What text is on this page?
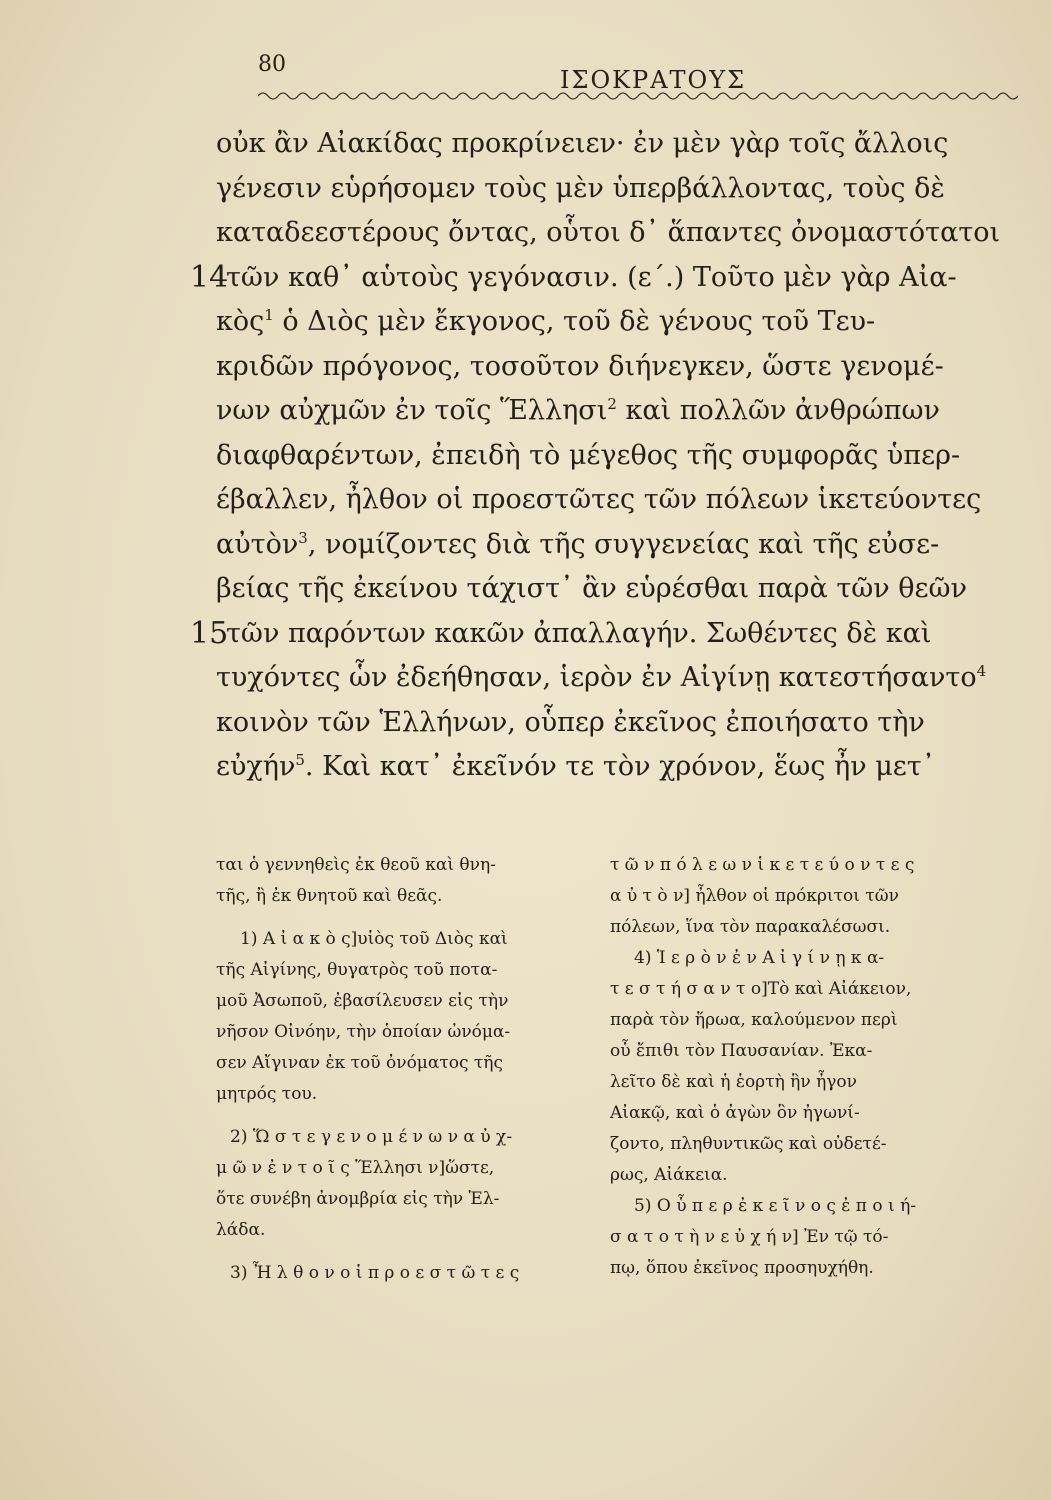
80
ΙΣΟΚΡΑΤΟΥΣ
οὐκ ἂν Αἰακίδας προκρίνειεν· ἐν μὲν γὰρ τοῖς ἄλλοις
γένεσιν εὑρήσομεν τοὺς μὲν ὑπερβάλλοντας, τοὺς δὲ
καταδεεστέρους ὄντας, οὗτοι δ᾽ ἅπαντες ὀνομαστότατοι
14
τῶν καθ᾽ αὑτοὺς γεγόνασιν. (ε΄.) Τοῦτο μὲν γὰρ Αἰα-
κὸς$^1$ ὁ Διὸς μὲν ἔκγονος, τοῦ δὲ γένους τοῦ Τευ-
κριδῶν πρόγονος, τοσοῦτον διήνεγκεν, ὥστε γενομέ-
νων αὐχμῶν ἐν τοῖς Ἕλλησι$^2$ καὶ πολλῶν ἀνθρώπων
διαφθαρέντων, ἐπειδὴ τὸ μέγεθος τῆς συμφορᾶς ὑπερ-
έβαλλεν, ἦλθον οἱ προεστῶτες τῶν πόλεων ἱκετεύοντες
αὐτὸν$^3$, νομίζοντες διὰ τῆς συγγενείας καὶ τῆς εὐσε-
βείας τῆς ἐκείνου τάχιστ᾽ ἂν εὑρέσθαι παρὰ τῶν θεῶν
15
τῶν παρόντων κακῶν ἀπαλλαγήν. Σωθέντες δὲ καὶ
τυχόντες ὧν ἐδεήθησαν, ἱερὸν ἐν Αἰγίνῃ κατεστήσαντο$^4$
κοινὸν τῶν Ἑλλήνων, οὗπερ ἐκεῖνος ἐποιήσατο τὴν
εὐχήν$^5$. Καὶ κατ᾽ ἐκεῖνόν τε τὸν χρόνον, ἕως ἦν μετ᾽
ται ὁ γεννηθεὶς ἐκ θεοῦ καὶ θνη-
τῆς, ἢ ἐκ θνητοῦ καὶ θεᾶς.
1) Α ἰ α κ ὸ ς]υἱὸς τοῦ Διὸς καὶ
τῆς Αἰγίνης, θυγατρὸς τοῦ ποτα-
μοῦ Ἀσωποῦ, ἐβασίλευσεν εἰς τὴν
νῆσον Οἰνόην, τὴν ὁποίαν ὠνόμα-
σεν Αἴγιναν ἐκ τοῦ ὀνόματος τῆς
μητρός του.
2) Ὥ σ τ ε γ ε ν ο μ έ ν ω ν α ὐ χ-
μ ῶ ν ἐ ν τ ο ῖ ς Ἕλλησι ν]ὥστε,
ὅτε συνέβη ἀνομβρία εἰς τὴν Ἑλ-
λάδα.
3) Ἦ λ θ ο ν ο ἱ π ρ ο ε σ τ ῶ τ ε ς
τ ῶ ν π ό λ ε ω ν ἱ κ ε τ ε ύ ο ν τ ε ς
α ὐ τ ὸ ν] ἦλθον οἱ πρόκριτοι τῶν
πόλεων, ἵνα τὸν παρακαλέσωσι.
4) Ἱ ε ρ ὸ ν ἐ ν Α ἰ γ ί ν ῃ κ α-
τ ε σ τ ή σ α ν τ ο]Τὸ καὶ Αἰάκειον,
παρὰ τὸν ἥρωα, καλούμενον περὶ
οὗ ἔπιθι τὸν Παυσανίαν. Ἐκα-
λεῖτο δὲ καὶ ἡ ἑορτὴ ἣν ἦγον
Αἰακῷ, καὶ ὁ ἀγὼν ὃν ἠγωνί-
ζοντο, πληθυντικῶς καὶ οὐδετέ-
ρως, Αἰάκεια.
5) Ο ὗ π ε ρ ἐ κ ε ῖ ν ο ς ἐ π ο ι ή-
σ α τ ο τ ὴ ν ε ὐ χ ή ν] Ἐν τῷ τό-
πῳ, ὅπου ἐκεῖνος προσηυχήθη.
